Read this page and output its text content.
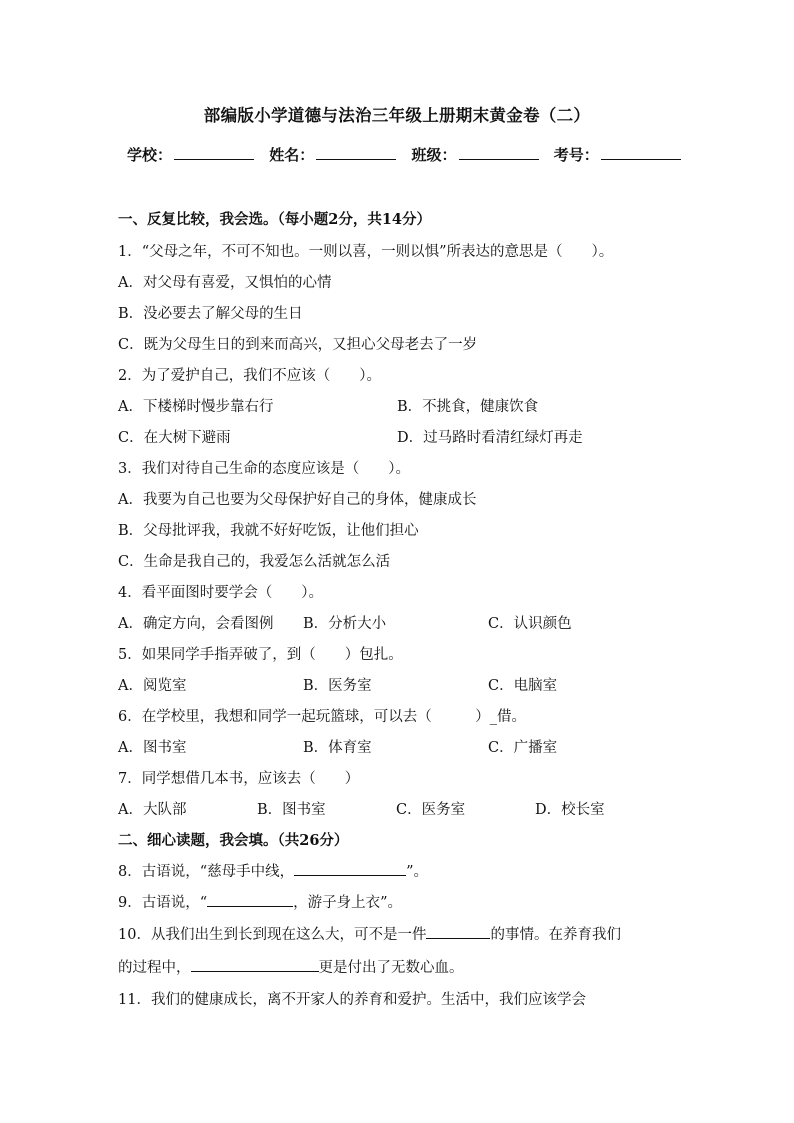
部编版小学道德与法治三年级上册期末黄金卷（二）
学校：	姓名：	班级：	考号：
一、反复比较，我会选。（每小题2分，共14分）
1．“父母之年，不可不知也。一则以喜，一则以惧”所表达的意思是（　　）。
A．对父母有喜爱，又惧怕的心情
B．没必要去了解父母的生日
C．既为父母生日的到来而高兴，又担心父母老去了一岁
2．为了爱护自己，我们不应该（　　）。
A．下楼梯时慢步靠右行	B．不挑食，健康饮食
C．在大树下避雨	D．过马路时看清红绿灯再走
3．我们对待自己生命的态度应该是（　　）。
A．我要为自己也要为父母保护好自己的身体，健康成长
B．父母批评我，我就不好好吃饭，让他们担心
C．生命是我自己的，我爱怎么活就怎么活
4．看平面图时要学会（　　）。
A．确定方向，会看图例 B．分析大小	C．认识颜色
5．如果同学手指弄破了，到（　　）包扎。
A．阅览室	B．医务室	C．电脑室
6．在学校里，我想和同学一起玩篮球，可以去（　　　）_借。
A．图书室	B．体育室	C．广播室
7．同学想借几本书，应该去（　　）
A．大队部	B．图书室	C．医务室	D．校长室
二、细心读题，我会填。（共26分）
8．古语说，“慈母手中线，	”。
9．古语说，“	，游子身上衣”。
10．从我们出生到长到现在这么大，可不是一件	的事情。在养育我们
的过程中，	更是付出了无数心血。
11．我们的健康成长，离不开家人的养育和爱护。生活中，我们应该学会
